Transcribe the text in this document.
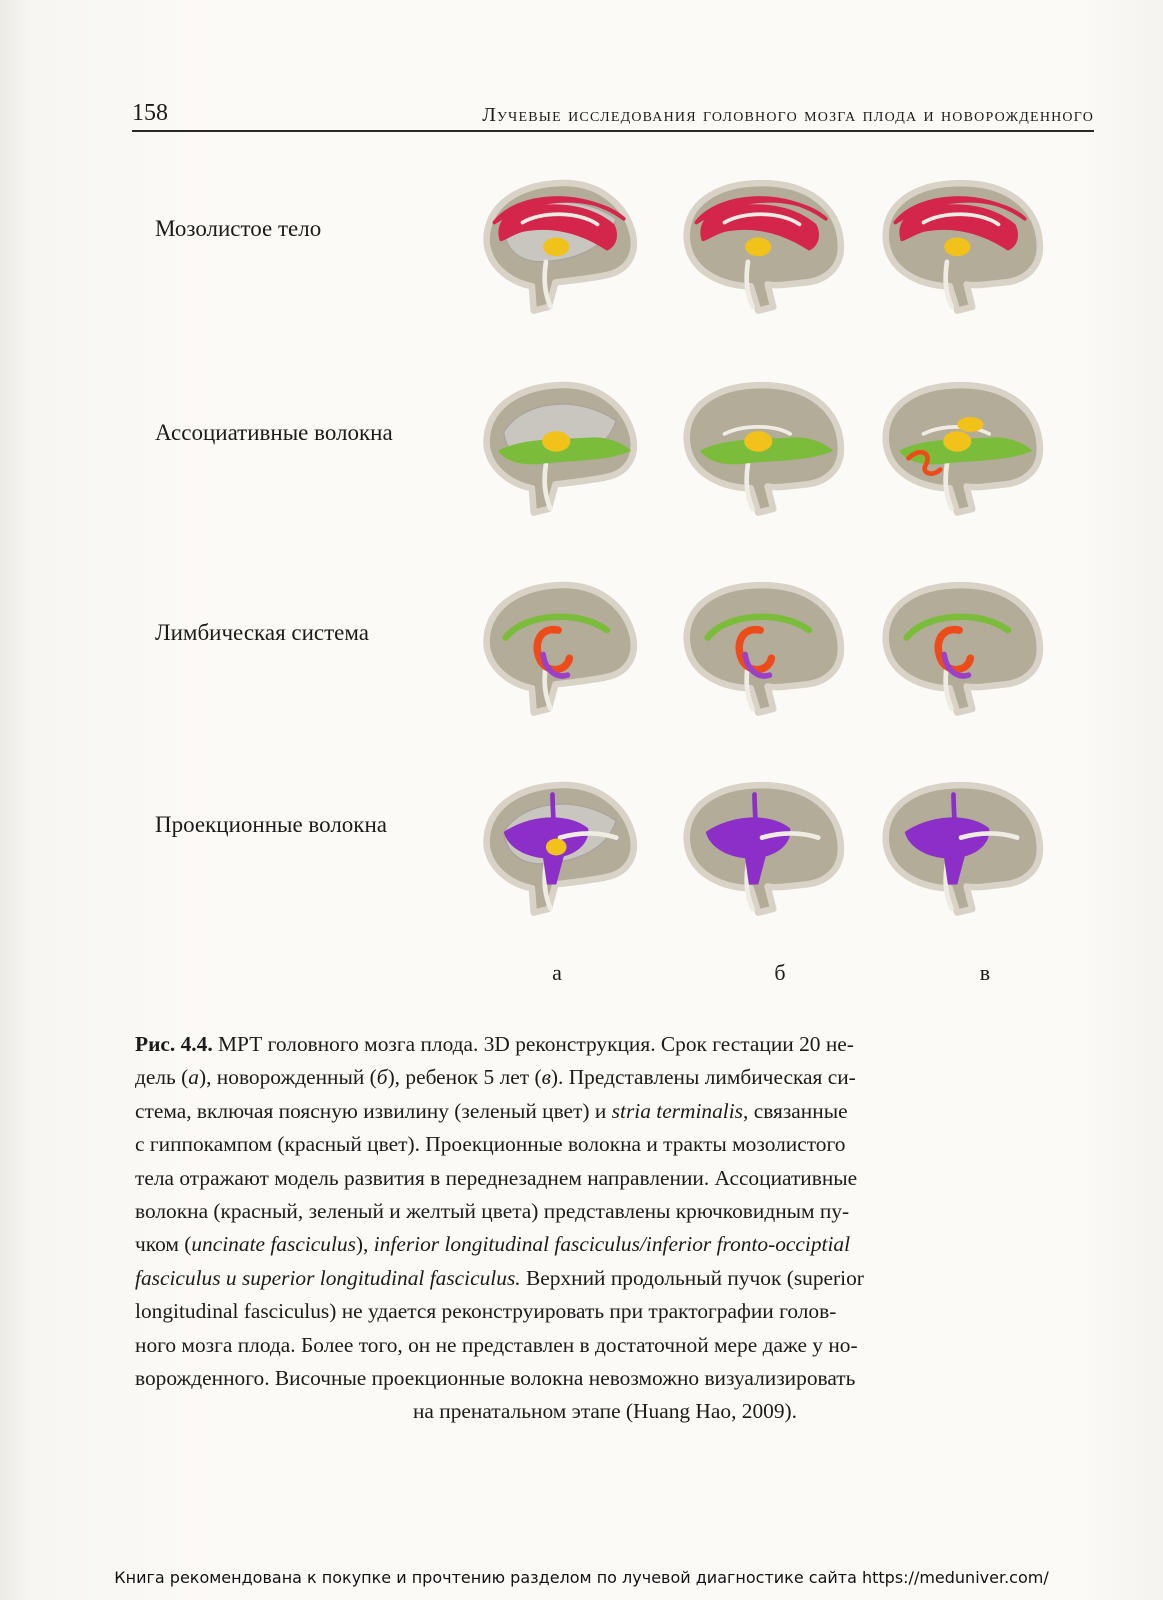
158	Лучевые исследования головного мозга плода и новорожденного
Мозолистое тело
Ассоциативные волокна
Лимбическая система
Проекционные волокна
а	б	в

Рис. 4.4. МРТ головного мозга плода. 3D реконструкция. Срок гестации 20 не-

дель (а), новорожденный (б), ребенок 5 лет (в). Представлены лимбическая си-

стема, включая поясную извилину (зеленый цвет) и stria terminalis, связанные

с гиппокампом (красный цвет). Проекционные волокна и тракты мозолистого

тела отражают модель развития в переднезаднем направлении. Ассоциативные

волокна (красный, зеленый и желтый цвета) представлены крючковидным пу-

чком (uncinate fasciculus), inferior longitudinal fasciculus/inferior fronto-occiptial

fasciculus и superior longitudinal fasciculus. Верхний продольный пучок (superior

longitudinal fasciculus) не удается реконструировать при трактографии голов-

ного мозга плода. Более того, он не представлен в достаточной мере даже у но-

ворожденного. Височные проекционные волокна невозможно визуализировать

на пренатальном этапе (Huang Hao, 2009).

Книга рекомендована к покупке и прочтению разделом по лучевой диагностике сайта https://meduniver.com/
